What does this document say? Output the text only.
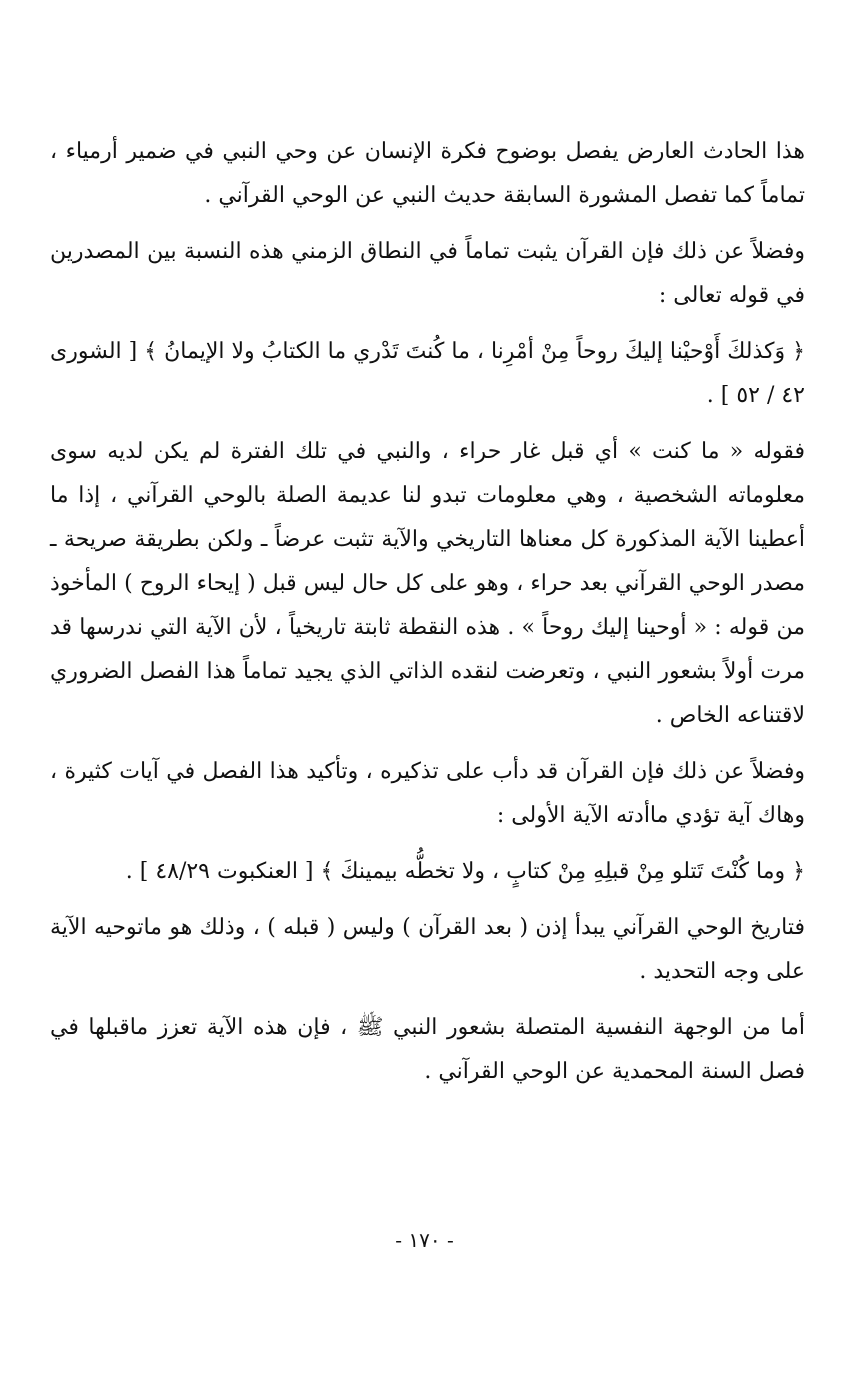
هذا الحادث العارض يفصل بوضوح فكرة الإنسان عن وحي النبي في ضمير أرمياء ، تماماً كما تفصل المشورة السابقة حديث النبي عن الوحي القرآني .

وفضلاً عن ذلك فإن القرآن يثبت تماماً في النطاق الزمني هذه النسبة بين المصدرين في قوله تعالى :

﴿ وَكذلكَ أَوْحيْنا إليكَ روحاً مِنْ أمْرِنا ، ما كُنتَ تَدْري ما الكتابُ ولا الإيمانُ ﴾ [ الشورى ٤٢ / ٥٢ ] .

فقوله « ما كنت » أي قبل غار حراء ، والنبي في تلك الفترة لم يكن لديه سوى معلوماته الشخصية ، وهي معلومات تبدو لنا عديمة الصلة بالوحي القرآني ، إذا ما أعطينا الآية المذكورة كل معناها التاريخي والآية تثبت عرضاً ـ ولكن بطريقة صريحة ـ مصدر الوحي القرآني بعد حراء ، وهو على كل حال ليس قبل ( إيحاء الروح ) المأخوذ من قوله : « أوحينا إليك روحاً » . هذه النقطة ثابتة تاريخياً ، لأن الآية التي ندرسها قد مرت أولاً بشعور النبي ، وتعرضت لنقده الذاتي الذي يجيد تماماً هذا الفصل الضروري لاقتناعه الخاص .

وفضلاً عن ذلك فإن القرآن قد دأب على تذكيره ، وتأكيد هذا الفصل في آيات كثيرة ، وهاك آية تؤدي ماأدته الآية الأولى :

﴿ وما كُنْتَ تَتلو مِنْ قبلِهِ مِنْ كتابٍ ، ولا تخطُّه بيمينكَ ﴾ [ العنكبوت ٤٨/٢٩ ] .

فتاريخ الوحي القرآني يبدأ إذن ( بعد القرآن ) وليس ( قبله ) ، وذلك هو ماتوحيه الآية على وجه التحديد .

أما من الوجهة النفسية المتصلة بشعور النبي ﷺ ، فإن هذه الآية تعزز ماقبلها في فصل السنة المحمدية عن الوحي القرآني .

- ١٧٠ -
